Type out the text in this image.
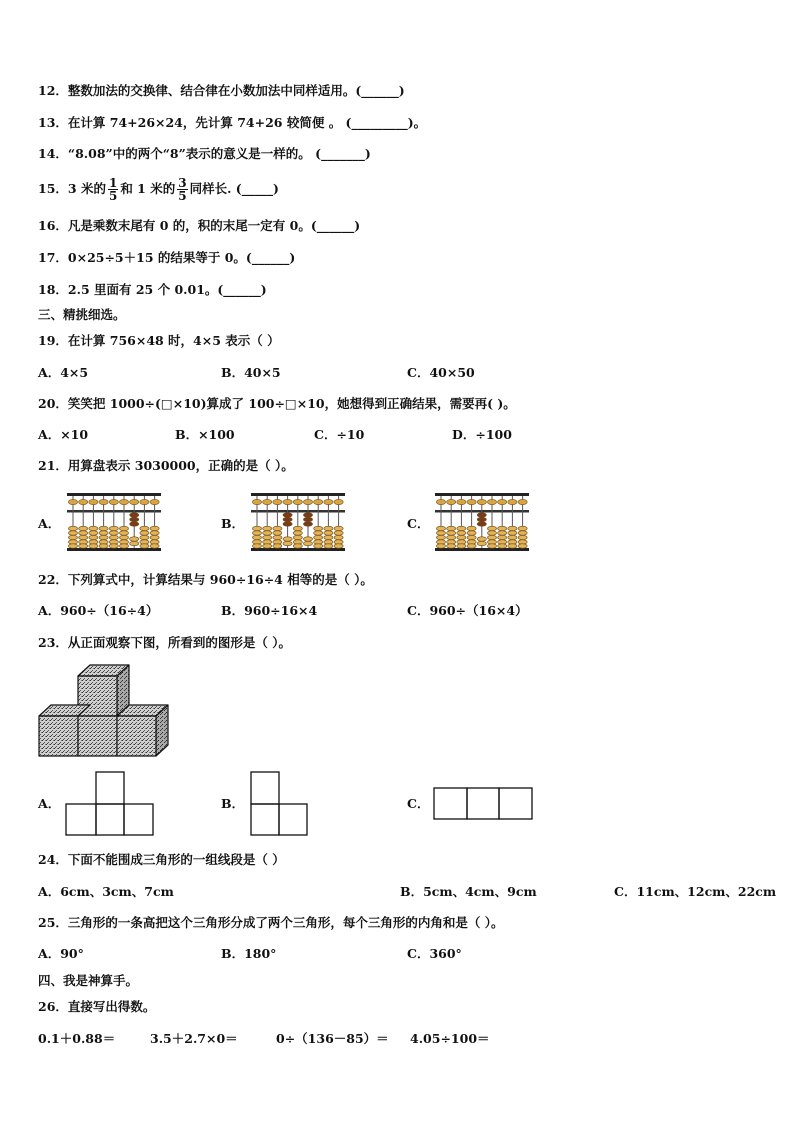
12．整数加法的交换律、结合律在小数加法中同样适用。(______)
13．在计算 74+26×24，先计算 74+26 较简便 。 (_________)。
14．“8.08”中的两个“8”表示的意义是一样的。 (_______)
15．3 米的 $\frac{1}{5}$ 和 1 米的 $\frac{3}{5}$ 同样长. (_____)
16．凡是乘数末尾有 0 的，积的末尾一定有 0。(______)
17．0×25÷5＋15 的结果等于 0。(______)
18．2.5 里面有 25 个 0.01。(______)
三、精挑细选。
19．在计算 756×48 时，4×5 表示（ ）
A．4×5	B．40×5	C．40×50
20．笑笑把 1000÷(□×10)算成了 100÷□×10，她想得到正确结果，需要再( )。
A．×10	B．×100	C．÷10	D．÷100
21．用算盘表示 3030000，正确的是（ ）。
A．	B．	C．
22．下列算式中，计算结果与 960÷16÷4 相等的是（ ）。
A．960÷（16÷4）	B．960÷16×4	C．960÷（16×4）
23．从正面观察下图，所看到的图形是（ ）。
A．	B．	C．
24．下面不能围成三角形的一组线段是（ ）
A．6cm、3cm、7cm	B．5cm、4cm、9cm	C．11cm、12cm、22cm
25．三角形的一条高把这个三角形分成了两个三角形，每个三角形的内角和是（ ）。
A．90°	B．180°	C．360°
四、我是神算手。
26．直接写出得数。
0.1＋0.88＝	3.5＋2.7×0＝	0÷（136－85）＝ 4.05÷100＝
